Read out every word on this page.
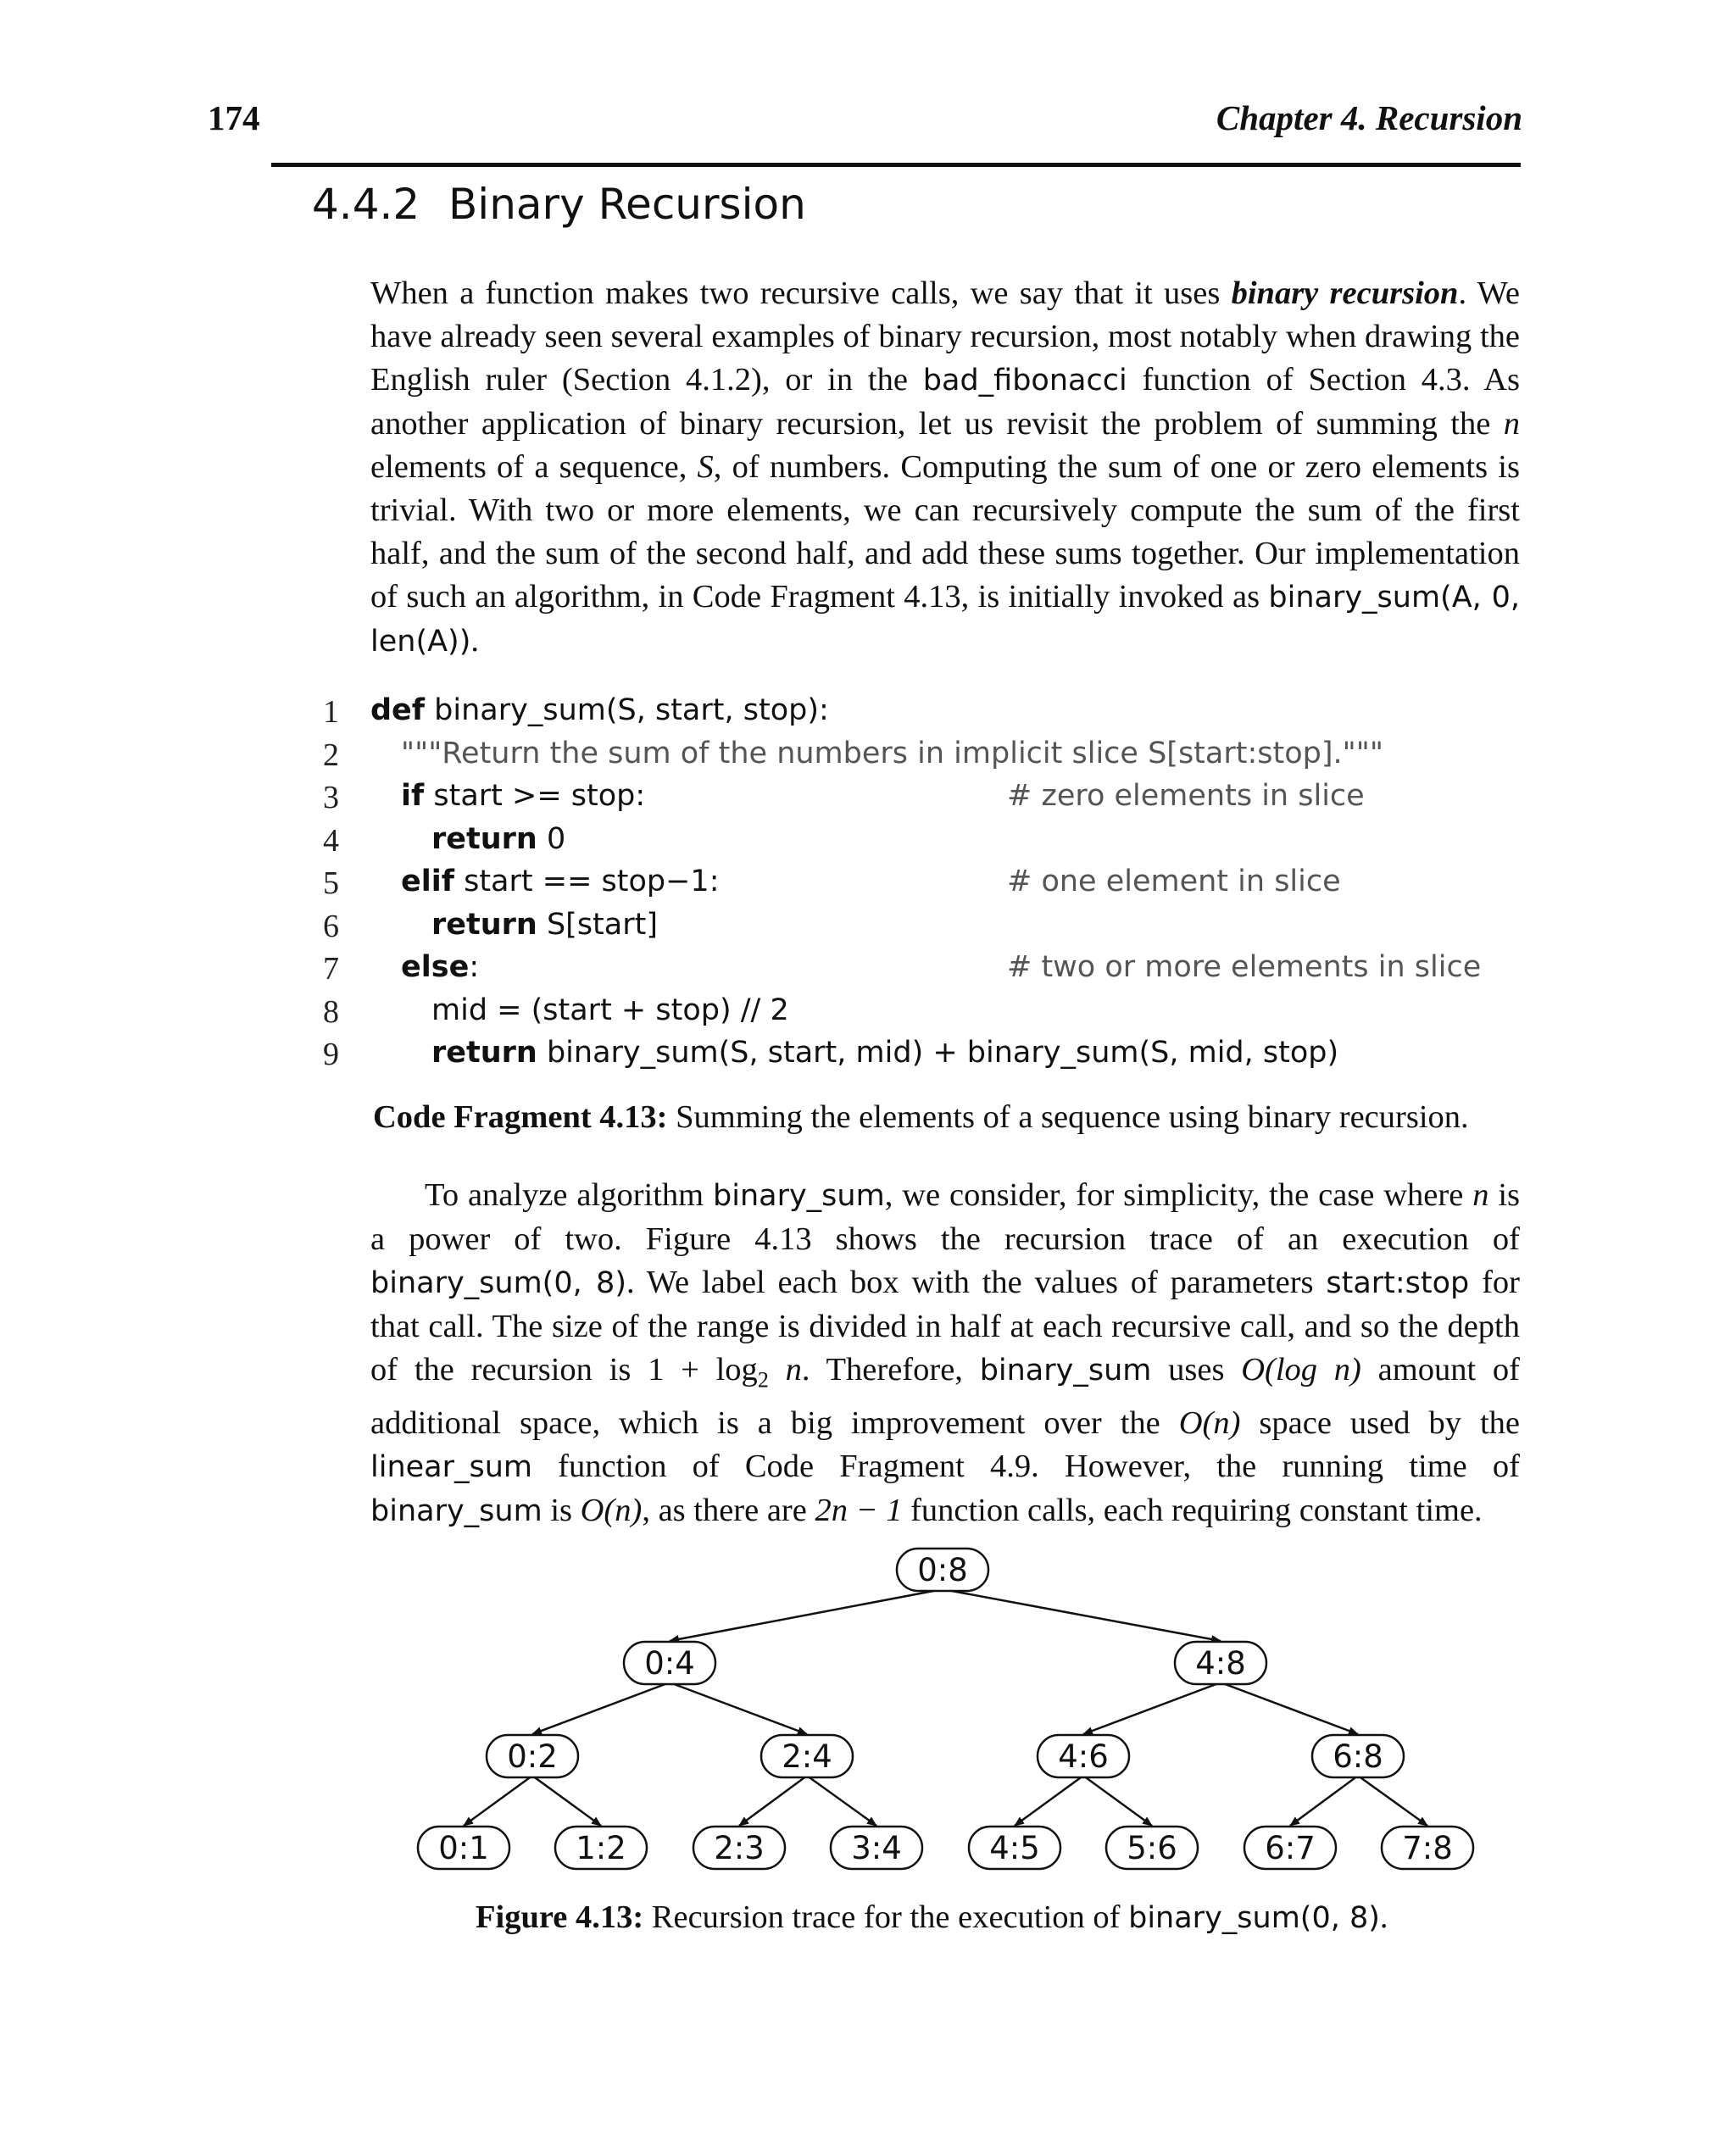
174	Chapter 4. Recursion
4.4.2 Binary Recursion

When a function makes two recursive calls, we say that it uses binary recursion. We have already seen several examples of binary recursion, most notably when drawing the English ruler (Section 4.1.2), or in the bad_fibonacci function of Section 4.3. As another application of binary recursion, let us revisit the problem of summing the n elements of a sequence, S, of numbers. Computing the sum of one or zero elements is trivial. With two or more elements, we can recursively compute the sum of the first half, and the sum of the second half, and add these sums together. Our implementation of such an algorithm, in Code Fragment 4.13, is initially invoked as binary_sum(A, 0, len(A)).

1 def binary_sum(S, start, stop):
2 """Return the sum of the numbers in implicit slice S[start:stop]."""
3 if start >= stop:	# zero elements in slice
4	return 0
5 elif start == stop−1:	# one element in slice
6	return S[start]
7 else:	# two or more elements in slice
8	mid = (start + stop) // 2
9	return binary_sum(S, start, mid) + binary_sum(S, mid, stop)
Code Fragment 4.13: Summing the elements of a sequence using binary recursion.

To analyze algorithm binary_sum, we consider, for simplicity, the case where n is a power of two. Figure 4.13 shows the recursion trace of an execution of binary_sum(0, 8). We label each box with the values of parameters start:stop for that call. The size of the range is divided in half at each recursive call, and so the depth of the recursion is $1 + \log_2 n$. Therefore, binary_sum uses O(log n) amount of additional space, which is a big improvement over the O(n) space used by the linear_sum function of Code Fragment 4.9. However, the running time of binary_sum is O(n), as there are 2n − 1 function calls, each requiring constant time.

0:8
0:4	4:8
0:2	2:4	4:6	6:8
0:1	1:2	2:3	3:4	4:5	5:6	6:7	7:8
Figure 4.13: Recursion trace for the execution of binary_sum(0, 8).
